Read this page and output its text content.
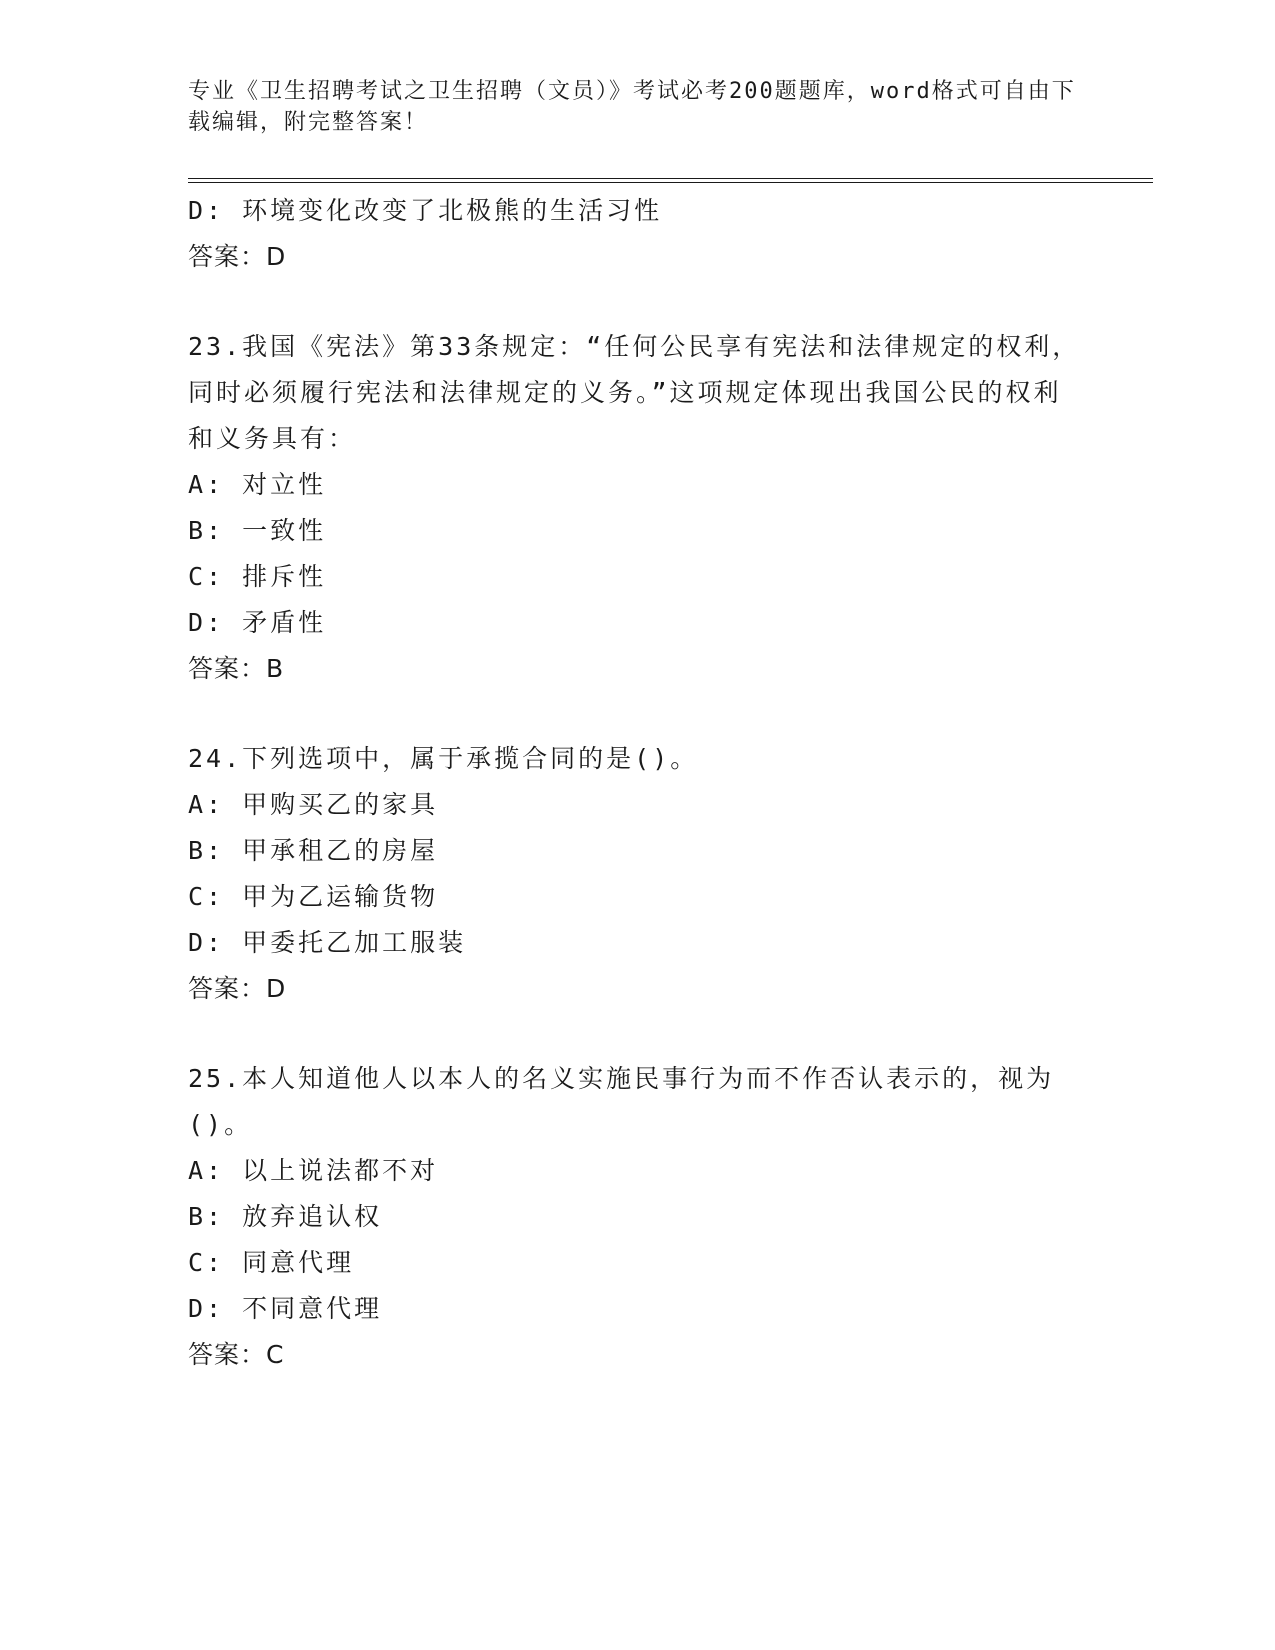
专业《卫生招聘考试之卫生招聘（文员）》考试必考200题题库，word格式可自由下载编辑，附完整答案！
D: 环境变化改变了北极熊的生活习性
答案：D
23.我国《宪法》第33条规定：“任何公民享有宪法和法律规定的权利，同时必须履行宪法和法律规定的义务。”这项规定体现出我国公民的权利和义务具有：
A: 对立性
B: 一致性
C: 排斥性
D: 矛盾性
答案：B
24.下列选项中，属于承揽合同的是()。
A: 甲购买乙的家具
B: 甲承租乙的房屋
C: 甲为乙运输货物
D: 甲委托乙加工服装
答案：D
25.本人知道他人以本人的名义实施民事行为而不作否认表示的，视为()。
A: 以上说法都不对
B: 放弃追认权
C: 同意代理
D: 不同意代理
答案：C
